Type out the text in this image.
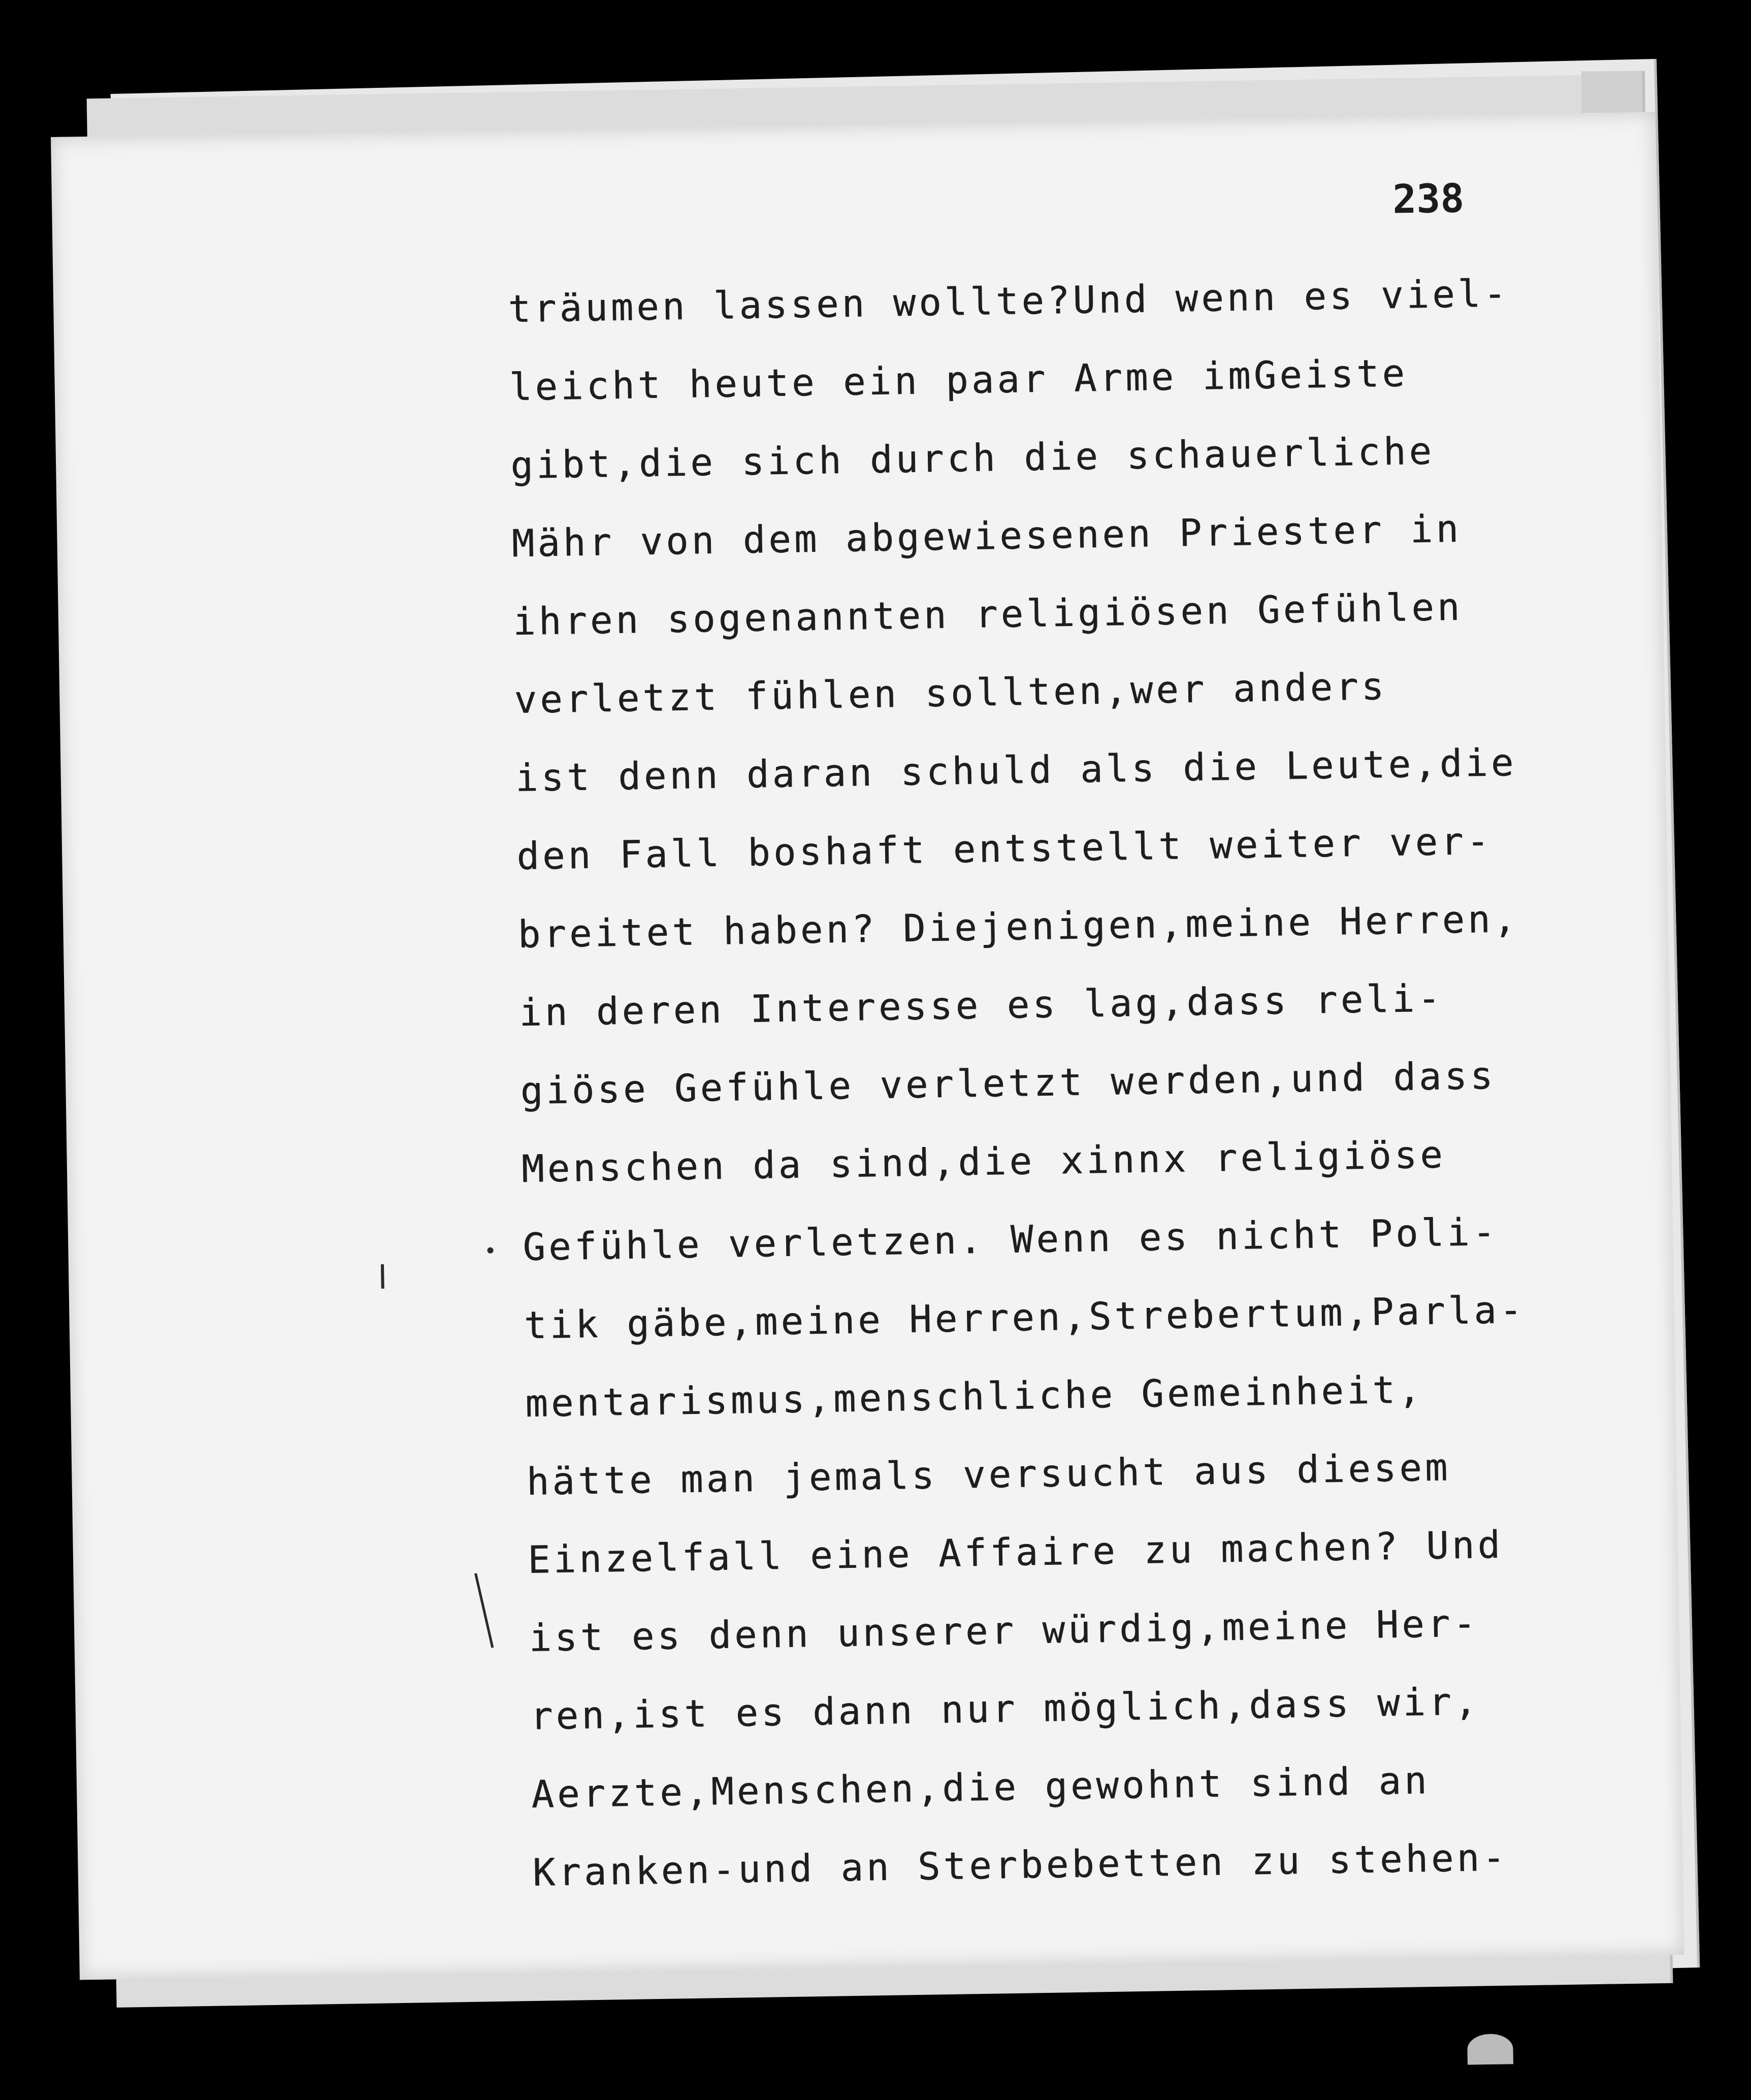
238

träumen lassen wollte?Und wenn es viel-
leicht heute ein paar Arme imGeiste
gibt,die sich durch die schauerliche
Mähr von dem abgewiesenen Priester in
ihren sogenannten religiösen Gefühlen
verletzt fühlen sollten,wer anders
ist denn daran schuld als die Leute,die
den Fall boshaft entstellt weiter ver-
breitet haben? Diejenigen,meine Herren,
in deren Interesse es lag,dass reli-
giöse Gefühle verletzt werden,und dass
Menschen da sind,die xinnx religiöse
Gefühle verletzen. Wenn es nicht Poli-
tik gäbe,meine Herren,Strebertum,Parla-
mentarismus,menschliche Gemeinheit,
hätte man jemals versucht aus diesem
Einzelfall eine Affaire zu machen? Und
ist es denn unserer würdig,meine Her-
ren,ist es dann nur möglich,dass wir,
Aerzte,Menschen,die gewohnt sind an
Kranken-und an Sterbebetten zu stehen-
